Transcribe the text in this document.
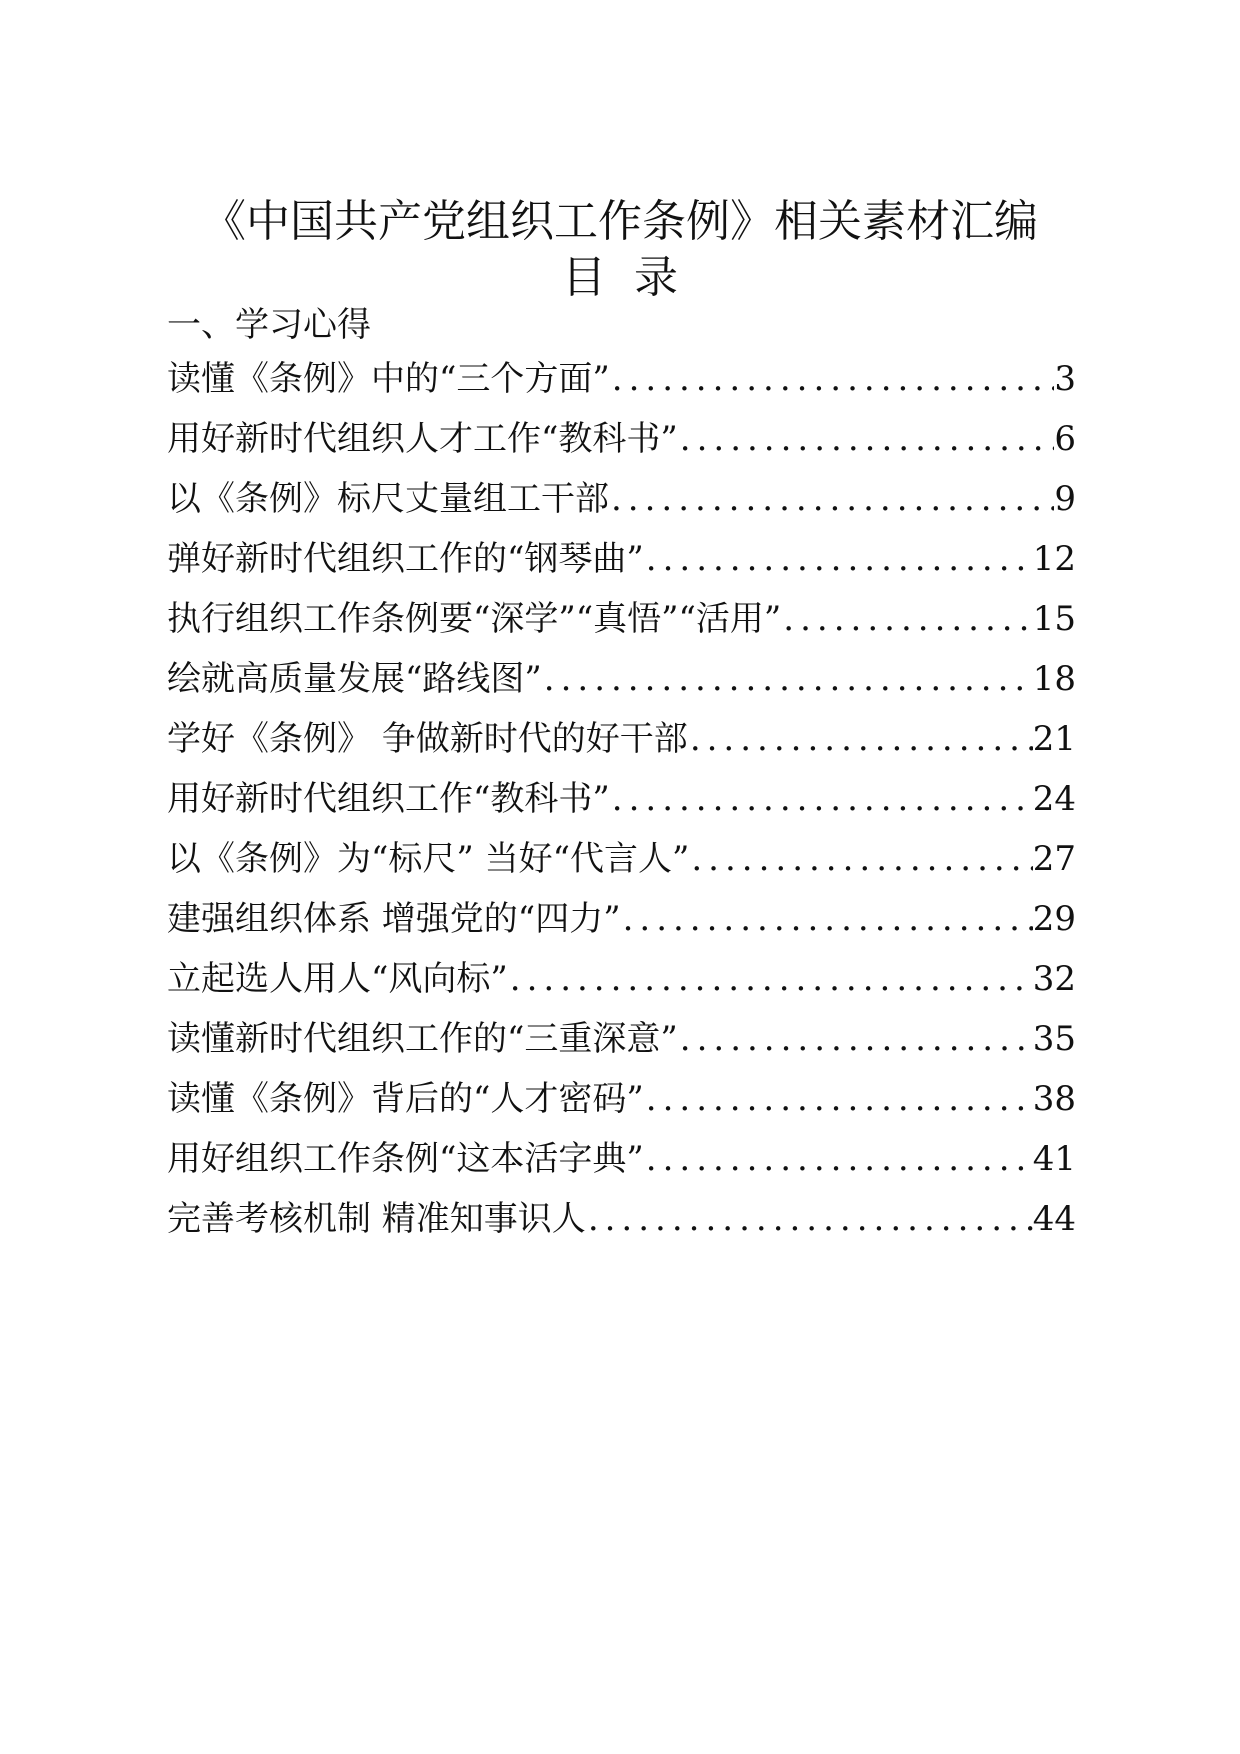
《中国共产党组织工作条例》相关素材汇编
目录
一、学习心得
读懂《条例》中的“三个方面” .....	3
用好新时代组织人才工作“教科书” .....	6
以《条例》标尺丈量组工干部 .....	9
弹好新时代组织工作的“钢琴曲” .....	12
执行组织工作条例要“深学”“真悟”“活用” .....	15
绘就高质量发展“路线图” .....	18
学好《条例》 争做新时代的好干部 .....	21
用好新时代组织工作“教科书” .....	24
以《条例》为“标尺” 当好“代言人” .....	27
建强组织体系 增强党的“四力” .....	29
立起选人用人“风向标” .....	32
读懂新时代组织工作的“三重深意” .....	35
读懂《条例》背后的“人才密码” .....	38
用好组织工作条例“这本活字典” .....	41
完善考核机制 精准知事识人 .....	44
